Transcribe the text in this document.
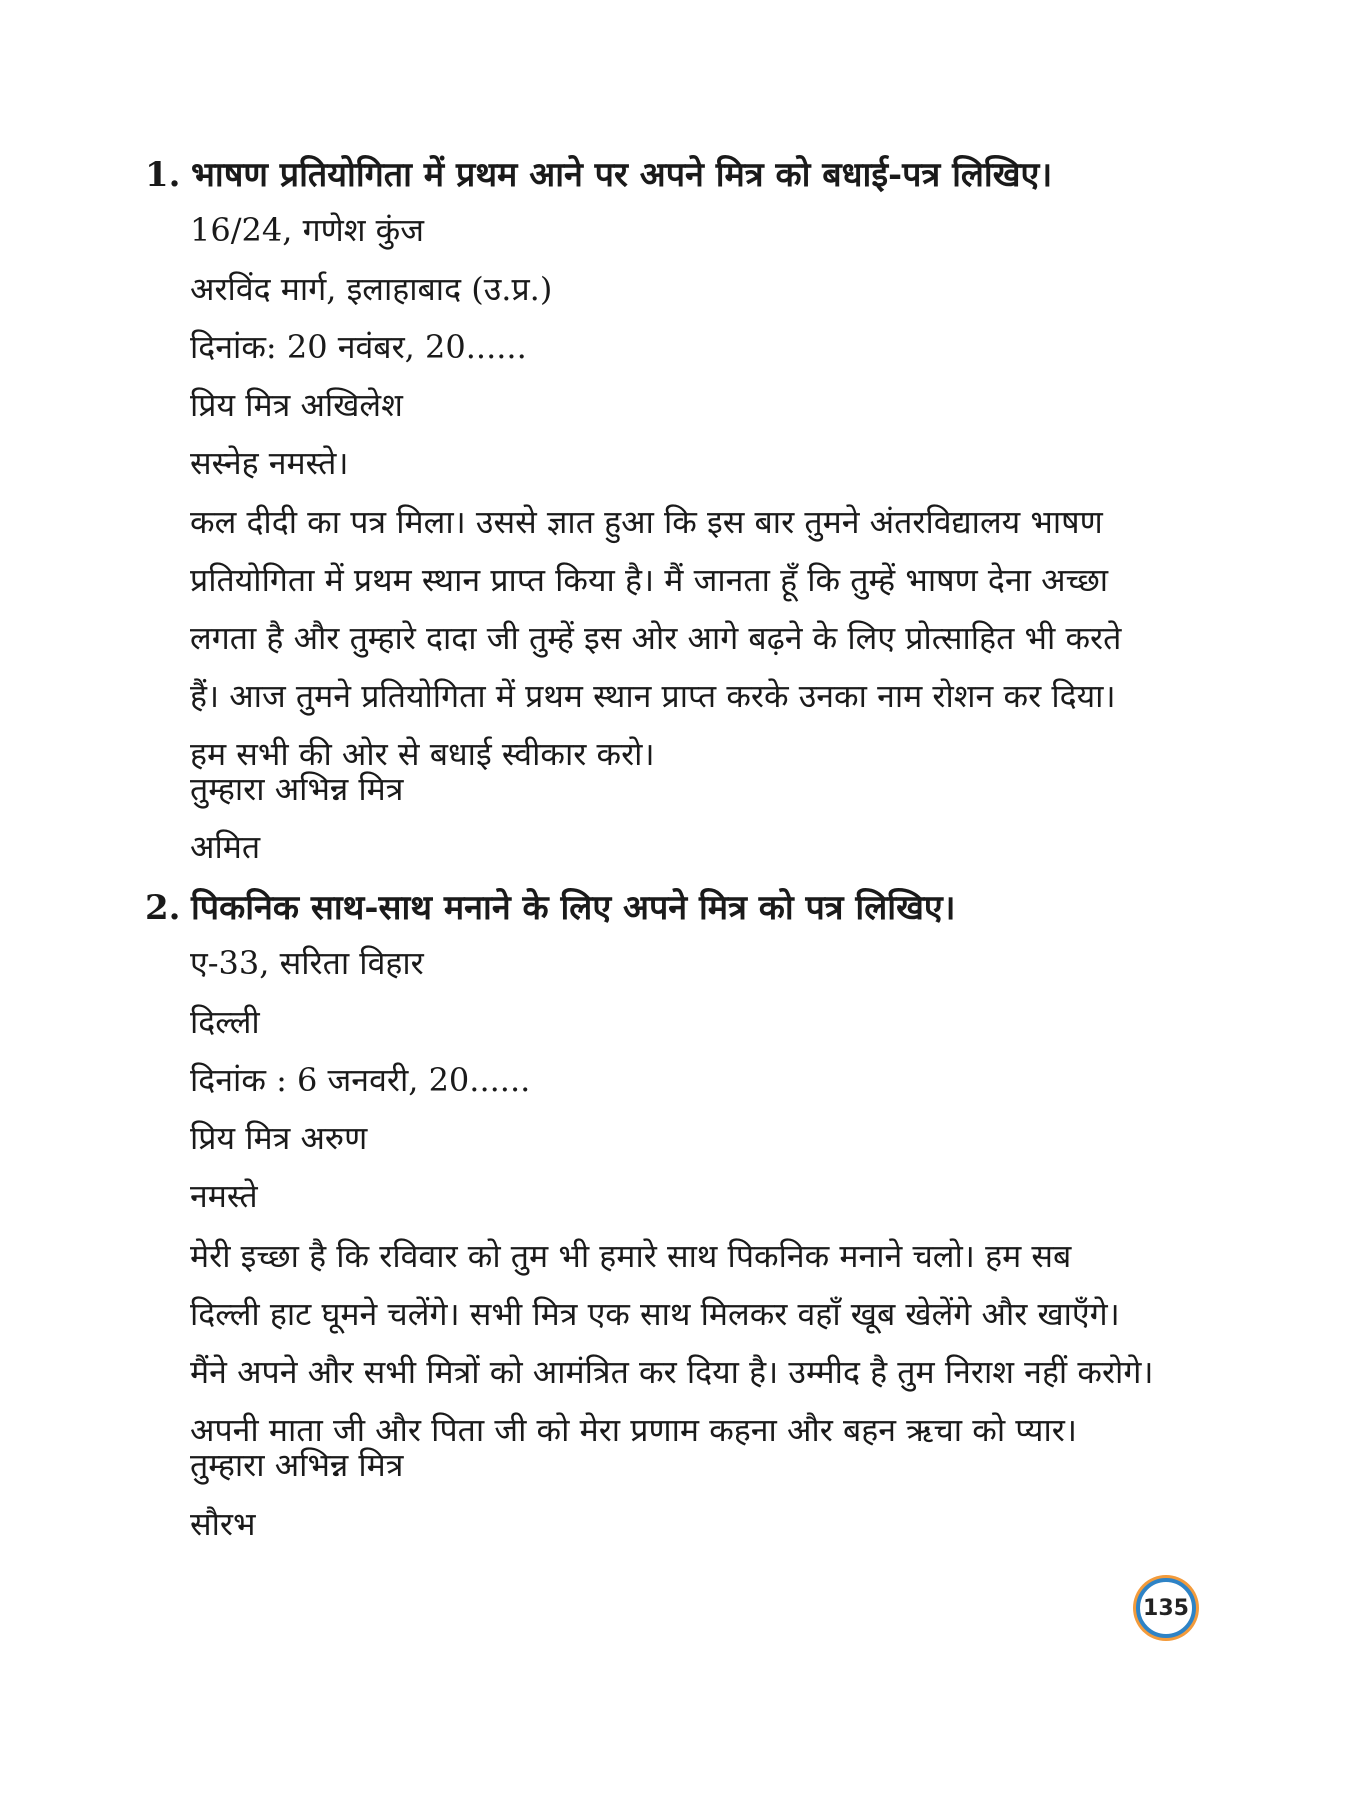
1. भाषण प्रतियोगिता में प्रथम आने पर अपने मित्र को बधाई-पत्र लिखिए।
16/24, गणेश कुंज
अरविंद मार्ग, इलाहाबाद (उ.प्र.)
दिनांक: 20 नवंबर, 20......
प्रिय मित्र अखिलेश
सस्नेह नमस्ते।
कल दीदी का पत्र मिला। उससे ज्ञात हुआ कि इस बार तुमने अंतरविद्यालय भाषण
प्रतियोगिता में प्रथम स्थान प्राप्त किया है। मैं जानता हूँ कि तुम्हें भाषण देना अच्छा
लगता है और तुम्हारे दादा जी तुम्हें इस ओर आगे बढ़ने के लिए प्रोत्साहित भी करते
हैं। आज तुमने प्रतियोगिता में प्रथम स्थान प्राप्त करके उनका नाम रोशन कर दिया।
हम सभी की ओर से बधाई स्वीकार करो।
तुम्हारा अभिन्न मित्र
अमित
2. पिकनिक साथ-साथ मनाने के लिए अपने मित्र को पत्र लिखिए।
ए-33, सरिता विहार
दिल्ली
दिनांक : 6 जनवरी, 20......
प्रिय मित्र अरुण
नमस्ते
मेरी इच्छा है कि रविवार को तुम भी हमारे साथ पिकनिक मनाने चलो। हम सब
दिल्ली हाट घूमने चलेंगे। सभी मित्र एक साथ मिलकर वहाँ खूब खेलेंगे और खाएँगे।
मैंने अपने और सभी मित्रों को आमंत्रित कर दिया है। उम्मीद है तुम निराश नहीं करोगे।
अपनी माता जी और पिता जी को मेरा प्रणाम कहना और बहन ऋचा को प्यार।
तुम्हारा अभिन्न मित्र
सौरभ
135
